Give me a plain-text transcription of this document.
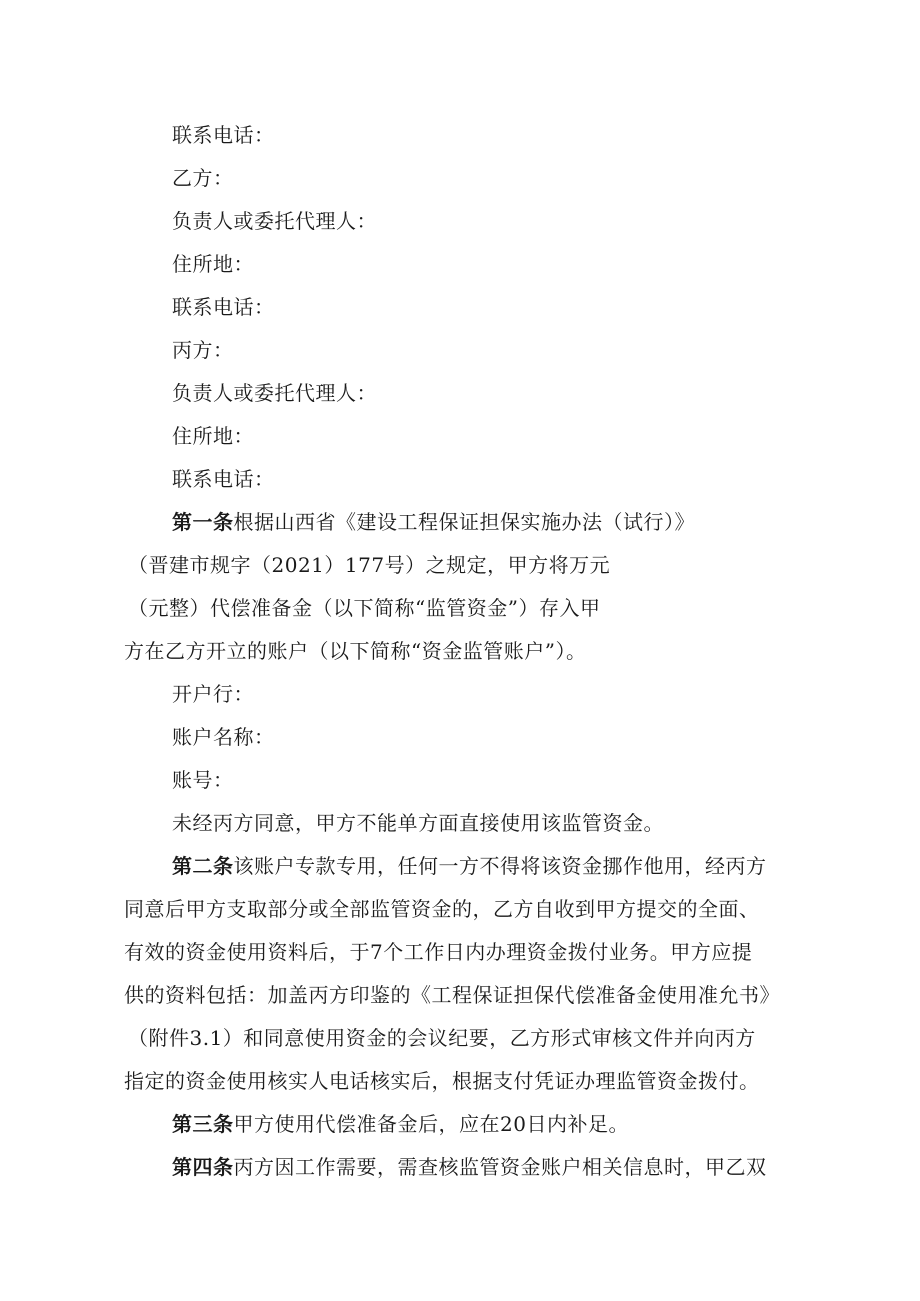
联系电话：
乙方：
负责人或委托代理人：
住所地：
联系电话：
丙方：
负责人或委托代理人：
住所地：
联系电话：
第一条根据山西省《建设工程保证担保实施办法（试行）》
（晋建市规字（2021）177号）之规定，甲方将万元
（元整）代偿准备金（以下简称“监管资金”）存入甲
方在乙方开立的账户（以下简称“资金监管账户”）。
开户行：
账户名称：
账号：
未经丙方同意，甲方不能单方面直接使用该监管资金。
第二条该账户专款专用，任何一方不得将该资金挪作他用，经丙方
同意后甲方支取部分或全部监管资金的，乙方自收到甲方提交的全面、
有效的资金使用资料后，于7个工作日内办理资金拨付业务。甲方应提
供的资料包括：加盖丙方印鉴的《工程保证担保代偿准备金使用准允书》
（附件3.1）和同意使用资金的会议纪要，乙方形式审核文件并向丙方
指定的资金使用核实人电话核实后，根据支付凭证办理监管资金拨付。
第三条甲方使用代偿准备金后，应在20日内补足。
第四条丙方因工作需要，需查核监管资金账户相关信息时，甲乙双
